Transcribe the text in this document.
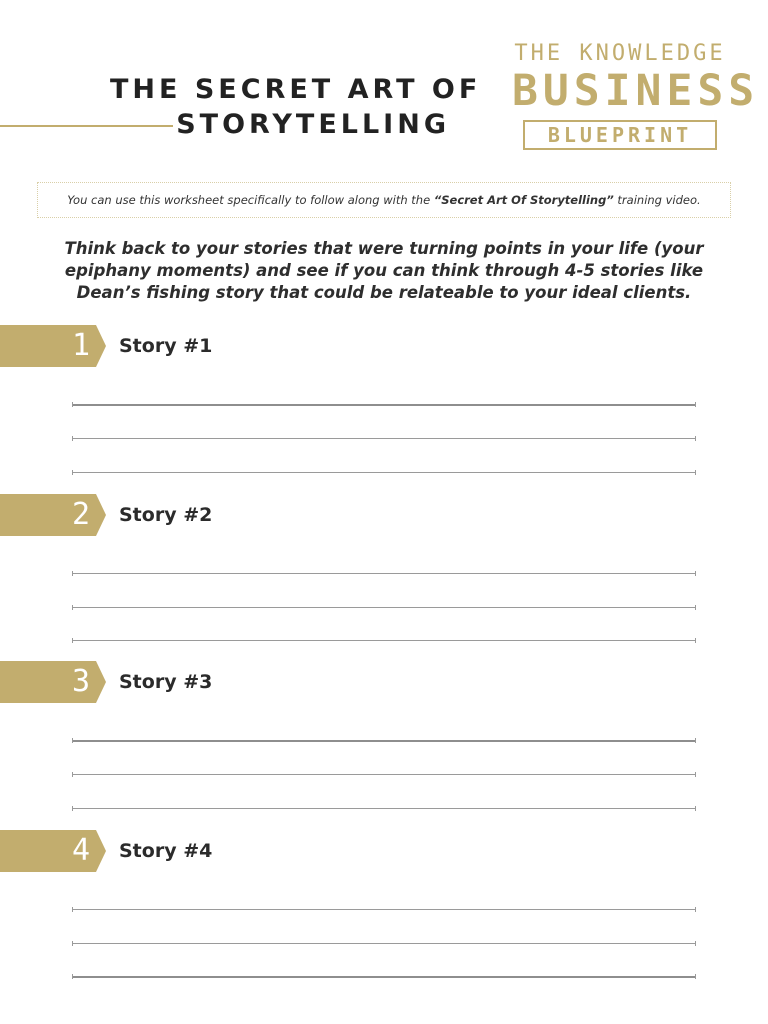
THE SECRET ART OF
STORYTELLING
THE KNOWLEDGE
BUSINESS
BLUEPRINT
You can use this worksheet specifically to follow along with the “Secret Art Of Storytelling” training video.
Think back to your stories that were turning points in your life (your epiphany moments) and see if you can think through 4-5 stories like Dean’s fishing story that could be relateable to your ideal clients.
1	Story #1
2	Story #2
3	Story #3
4	Story #4
